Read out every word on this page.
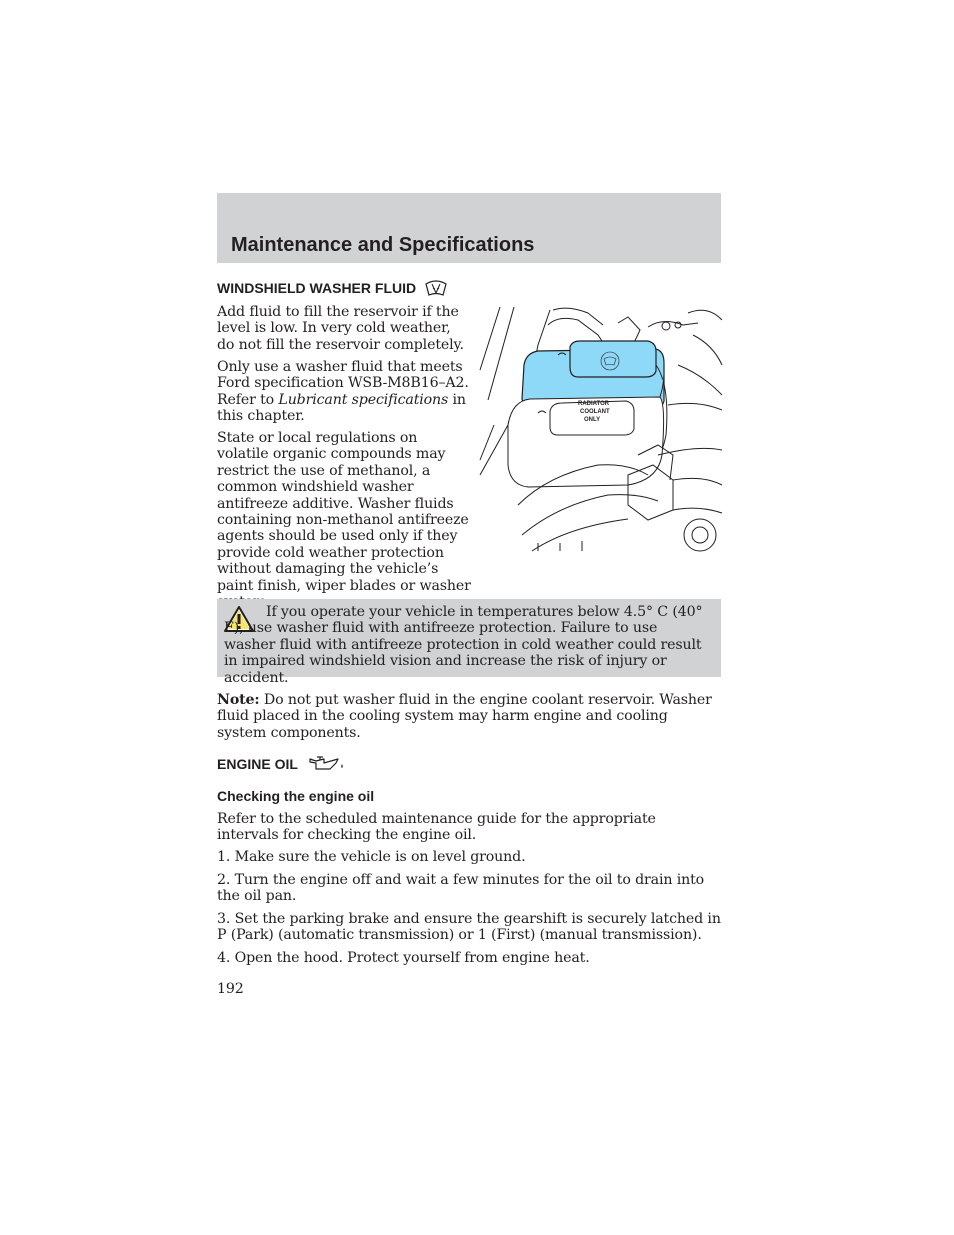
Maintenance and Specifications
WINDSHIELD WASHER FLUID

Add fluid to fill the reservoir if the level is low. In very cold weather, do not fill the reservoir completely.

Only use a washer fluid that meets Ford specification WSB-M8B16–A2. Refer to Lubricant specifications in this chapter.

State or local regulations on volatile organic compounds may restrict the use of methanol, a common windshield washer antifreeze additive. Washer fluids containing non-methanol antifreeze agents should be used only if they provide cold weather protection without damaging the vehicle’s paint finish, wiper blades or washer

RADIATOR
COOLANT
ONLY

If you operate your vehicle in temperatures below 4.5° C (40° F), use washer fluid with antifreeze protection. Failure to use washer fluid with antifreeze protection in cold weather could result in impaired windshield vision and increase the risk of injury or accident.

Note: Do not put washer fluid in the engine coolant reservoir. Washer fluid placed in the cooling system may harm engine and cooling system components.

ENGINE OIL
Checking the engine oil

Refer to the scheduled maintenance guide for the appropriate intervals for checking the engine oil.

1. Make sure the vehicle is on level ground.

2. Turn the engine off and wait a few minutes for the oil to drain into the oil pan.

3. Set the parking brake and ensure the gearshift is securely latched in P (Park) (automatic transmission) or 1 (First) (manual transmission).

4. Open the hood. Protect yourself from engine heat.

192
